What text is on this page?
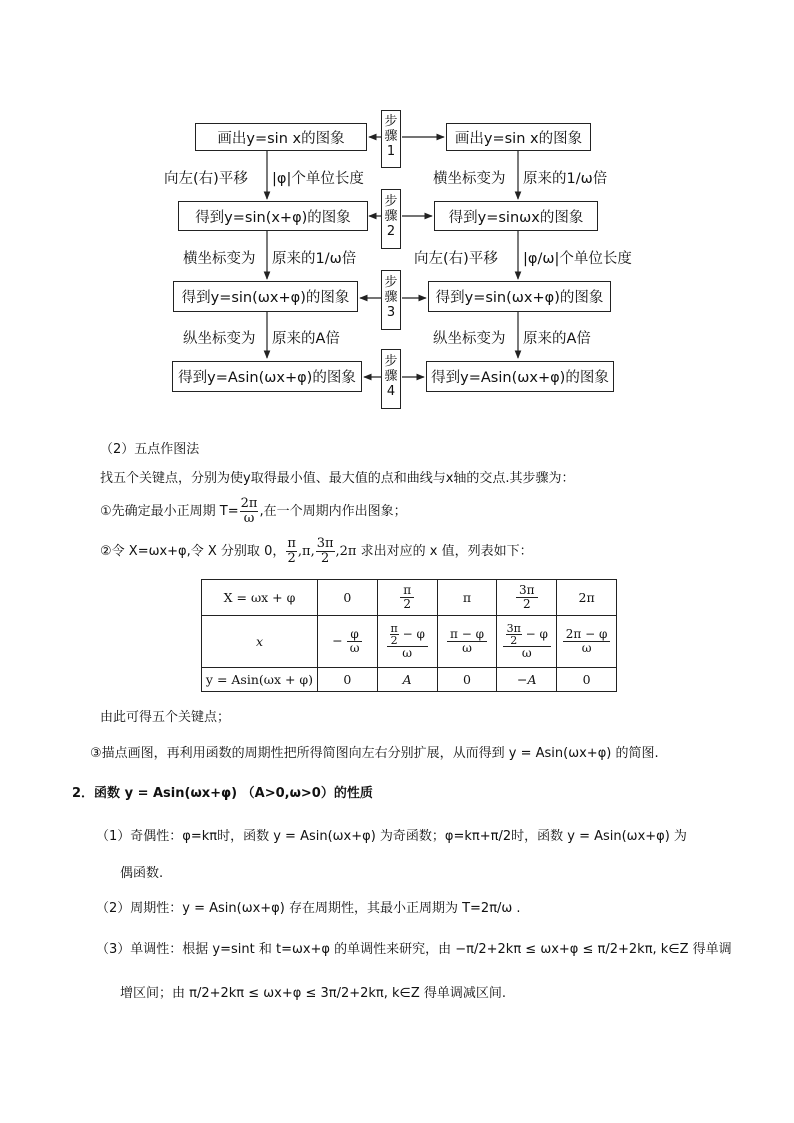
画出y=sin x的图象
得到y=sin(x+φ)的图象
得到y=sin(ωx+φ)的图象
得到y=Asin(ωx+φ)的图象
画出y=sin x的图象
得到y=sinωx的图象
得到y=sin(ωx+φ)的图象
得到y=Asin(ωx+φ)的图象
步骤1
步骤2
步骤3
步骤4
向左(右)平移 |φ|个单位长度
横坐标变为 原来的1/ω倍
纵坐标变为 原来的A倍
横坐标变为 原来的1/ω倍
向左(右)平移 |φ/ω|个单位长度
纵坐标变为 原来的A倍
（2）五点作图法
找五个关键点，分别为使y取得最小值、最大值的点和曲线与x轴的交点.其步骤为：
①先确定最小正周期 $T= \frac{2\pi}{\omega}$ ,在一个周期内作出图象；
②令 X=ωx+φ,令 X 分别取 0， $\frac{\pi}{2} ,\pi$, $\frac{3\pi}{2} ,2\pi$ 求出对应的 x 值，列表如下：
X = ωx + φ	0	$\frac{\pi}{2}$	π	$\frac{3\pi}{2}$	2π
x	− $\frac{\varphi}{\omega}$	$\frac{\frac{\pi}{2} - \varphi}{\omega}$	$\frac{\pi - \varphi}{\omega}$	$\frac{\frac{3\pi}{2} - \varphi}{\omega}$	$\frac{2\pi - \varphi}{\omega}$

y = Asin(ωx + φ)	0	A	0	−A	0
由此可得五个关键点；
③描点画图，再利用函数的周期性把所得简图向左右分别扩展，从而得到 y = Asin(ωx+φ) 的简图.
2．函数 y = Asin(ωx+φ) （A>0,ω>0）的性质
（1）奇偶性：φ=kπ时，函数 y = Asin(ωx+φ) 为奇函数；φ=kπ+π/2时，函数 y = Asin(ωx+φ) 为
偶函数.
（2）周期性：y = Asin(ωx+φ) 存在周期性，其最小正周期为 T=2π/ω .
（3）单调性：根据 y=sint 和 t=ωx+φ 的单调性来研究，由 −π/2+2kπ ≤ ωx+φ ≤ π/2+2kπ, k∈Z 得单调
增区间；由 π/2+2kπ ≤ ωx+φ ≤ 3π/2+2kπ, k∈Z 得单调减区间.
